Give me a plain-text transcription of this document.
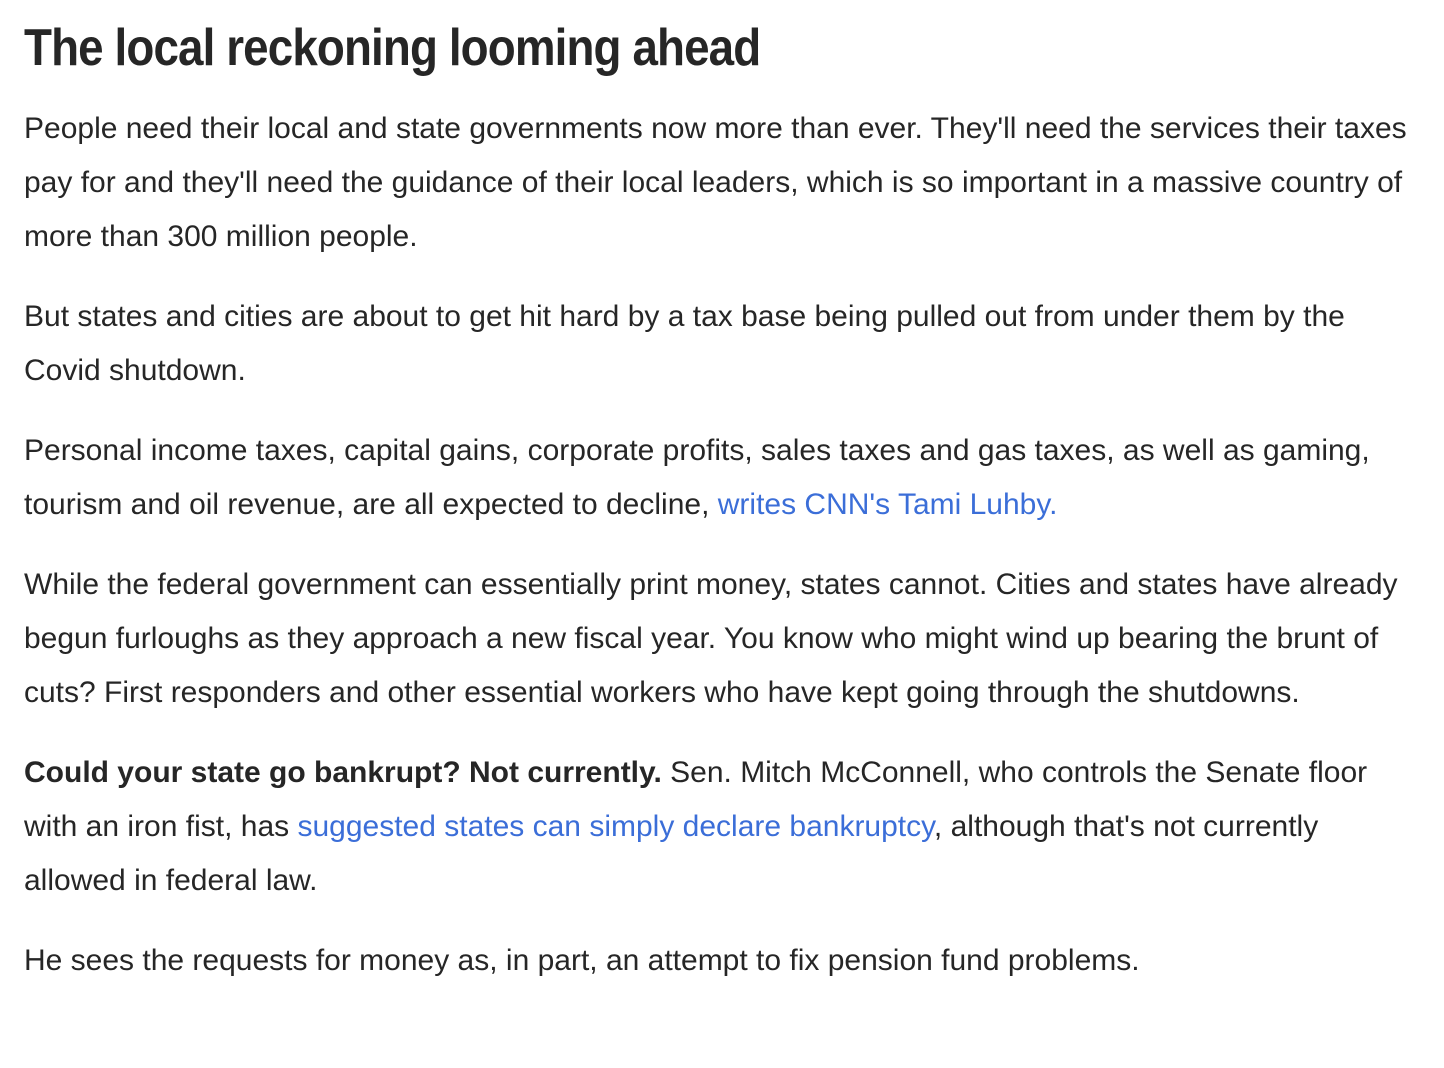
The local reckoning looming ahead

People need their local and state governments now more than ever. They'll need the services their taxes pay for and they'll need the guidance of their local leaders, which is so important in a massive country of more than 300 million people.

But states and cities are about to get hit hard by a tax base being pulled out from under them by the Covid shutdown.

Personal income taxes, capital gains, corporate profits, sales taxes and gas taxes, as well as gaming, tourism and oil revenue, are all expected to decline, writes CNN's Tami Luhby.

While the federal government can essentially print money, states cannot. Cities and states have already begun furloughs as they approach a new fiscal year. You know who might wind up bearing the brunt of cuts? First responders and other essential workers who have kept going through the shutdowns.

Could your state go bankrupt? Not currently. Sen. Mitch McConnell, who controls the Senate floor with an iron fist, has suggested states can simply declare bankruptcy, although that's not currently allowed in federal law.

He sees the requests for money as, in part, an attempt to fix pension fund problems.
